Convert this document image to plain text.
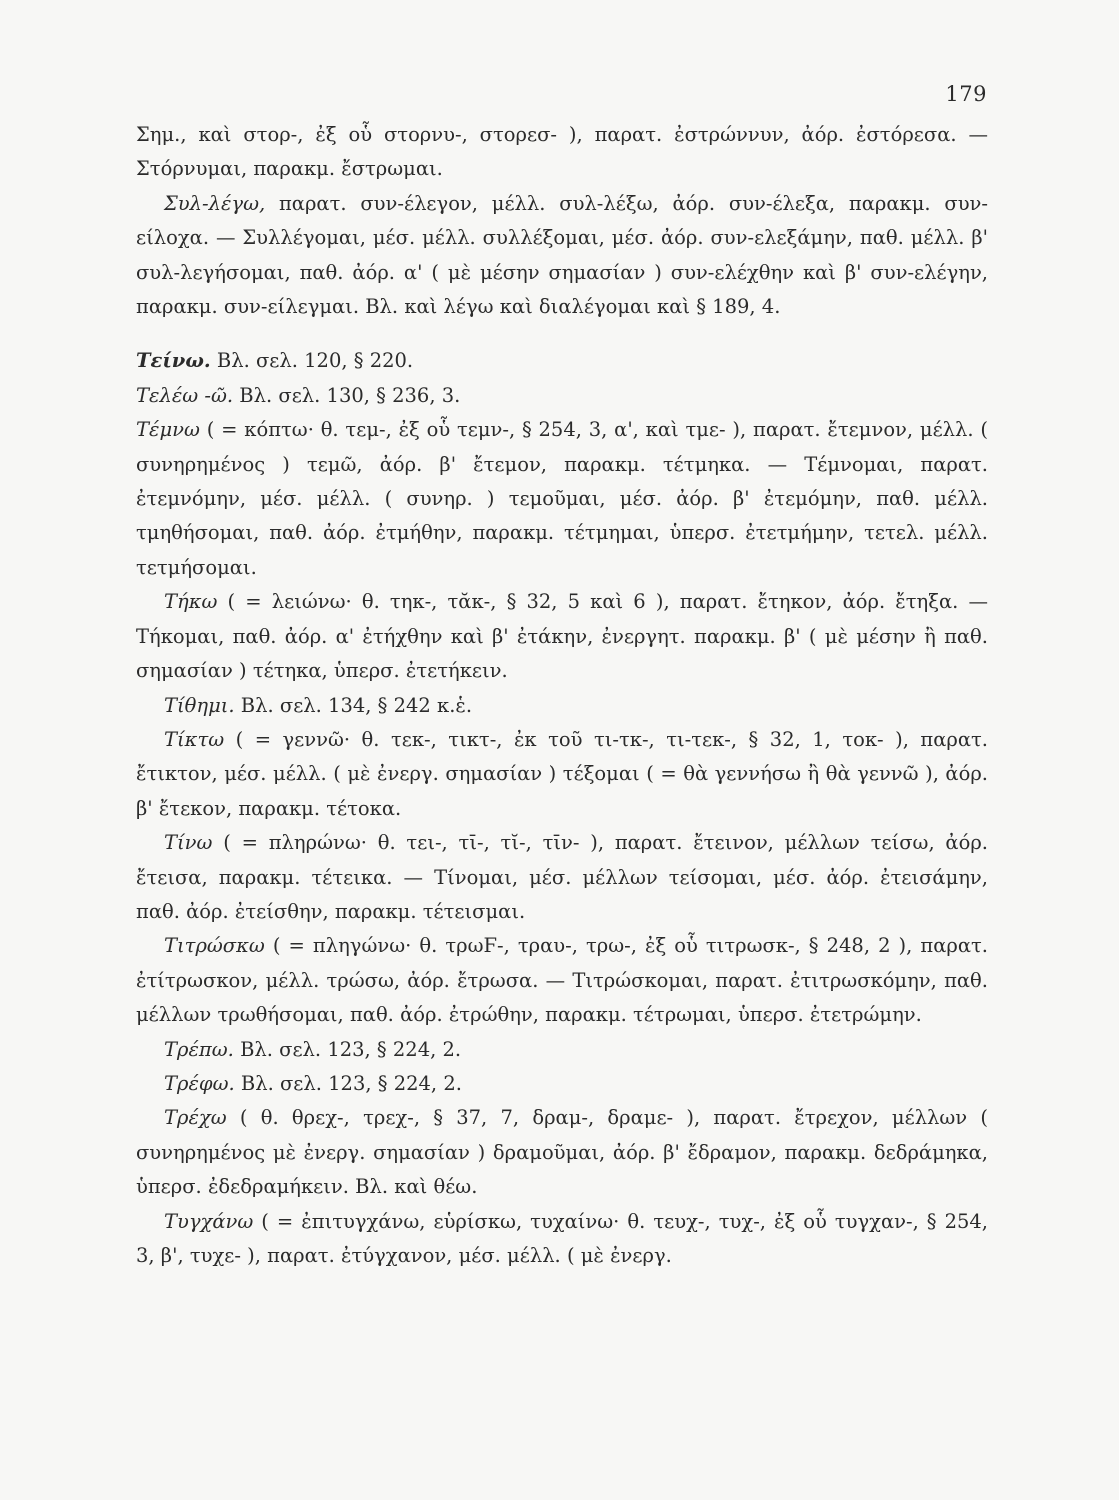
179

Σημ., καὶ στορ-, ἐξ οὗ στορνυ-, στορεσ- ), παρατ. ἐστρώννυν, ἀόρ. ἐστόρεσα. — Στόρνυμαι, παρακμ. ἔστρωμαι.

Συλ-λέγω, παρατ. συν-έλεγον, μέλλ. συλ-λέξω, ἀόρ. συν-έλεξα, παρακμ. συν-είλοχα. — Συλλέγομαι, μέσ. μέλλ. συλλέξομαι, μέσ. ἀόρ. συν-ελεξάμην, παθ. μέλλ. β' συλ-λεγήσομαι, παθ. ἀόρ. α' ( μὲ μέσην σημασίαν ) συν-ελέχθην καὶ β' συν-ελέγην, παρακμ. συν-είλεγμαι. Βλ. καὶ λέγω καὶ διαλέγομαι καὶ § 189, 4.

Τείνω. Βλ. σελ. 120, § 220.

Τελέω -ῶ. Βλ. σελ. 130, § 236, 3.

Τέμνω ( = κόπτω· θ. τεμ-, ἐξ οὗ τεμν-, § 254, 3, α', καὶ τμε- ), παρατ. ἔτεμνον, μέλλ. ( συνηρημένος ) τεμῶ, ἀόρ. β' ἔτεμον, παρακμ. τέτμηκα. — Τέμνομαι, παρατ. ἐτεμνόμην, μέσ. μέλλ. ( συνηρ. ) τεμοῦμαι, μέσ. ἀόρ. β' ἐτεμόμην, παθ. μέλλ. τμηθήσομαι, παθ. ἀόρ. ἐτμήθην, παρακμ. τέτμημαι, ὑπερσ. ἐτετμήμην, τετελ. μέλλ. τετμήσομαι.

Τήκω ( = λειώνω· θ. τηκ-, τᾰκ-, § 32, 5 καὶ 6 ), παρατ. ἔτηκον, ἀόρ. ἔτηξα. — Τήκομαι, παθ. ἀόρ. α' ἐτήχθην καὶ β' ἐτάκην, ἐνεργητ. παρακμ. β' ( μὲ μέσην ἢ παθ. σημασίαν ) τέτηκα, ὑπερσ. ἐτετήκειν.

Τίθημι. Βλ. σελ. 134, § 242 κ.ἑ.

Τίκτω ( = γεννῶ· θ. τεκ-, τικτ-, ἐκ τοῦ τι-τκ-, τι-τεκ-, § 32, 1, τοκ- ), παρατ. ἔτικτον, μέσ. μέλλ. ( μὲ ἐνεργ. σημασίαν ) τέξομαι ( = θὰ γεννήσω ἢ θὰ γεννῶ ), ἀόρ. β' ἔτεκον, παρακμ. τέτοκα.

Τίνω ( = πληρώνω· θ. τει-, τῑ-, τῐ-, τῑν- ), παρατ. ἔτεινον, μέλλων τείσω, ἀόρ. ἔτεισα, παρακμ. τέτεικα. — Τίνομαι, μέσ. μέλλων τείσομαι, μέσ. ἀόρ. ἐτεισάμην, παθ. ἀόρ. ἐτείσθην, παρακμ. τέτεισμαι.

Τιτρώσκω ( = πληγώνω· θ. τρωϜ-, τραυ-, τρω-, ἐξ οὗ τιτρωσκ-, § 248, 2 ), παρατ. ἐτίτρωσκον, μέλλ. τρώσω, ἀόρ. ἔτρωσα. — Τιτρώσκομαι, παρατ. ἐτιτρωσκόμην, παθ. μέλλων τρωθήσομαι, παθ. ἀόρ. ἐτρώθην, παρακμ. τέτρωμαι, ὑπερσ. ἐτετρώμην.

Τρέπω. Βλ. σελ. 123, § 224, 2.

Τρέφω. Βλ. σελ. 123, § 224, 2.

Τρέχω ( θ. θρεχ-, τρεχ-, § 37, 7, δραμ-, δραμε- ), παρατ. ἔτρεχον, μέλλων ( συνηρημένος μὲ ἐνεργ. σημασίαν ) δραμοῦμαι, ἀόρ. β' ἔδραμον, παρακμ. δεδράμηκα, ὑπερσ. ἐδεδραμήκειν. Βλ. καὶ θέω.

Τυγχάνω ( = ἐπιτυγχάνω, εὑρίσκω, τυχαίνω· θ. τευχ-, τυχ-, ἐξ οὗ τυγχαν-, § 254, 3, β', τυχε- ), παρατ. ἐτύγχανον, μέσ. μέλλ. ( μὲ ἐνεργ.
